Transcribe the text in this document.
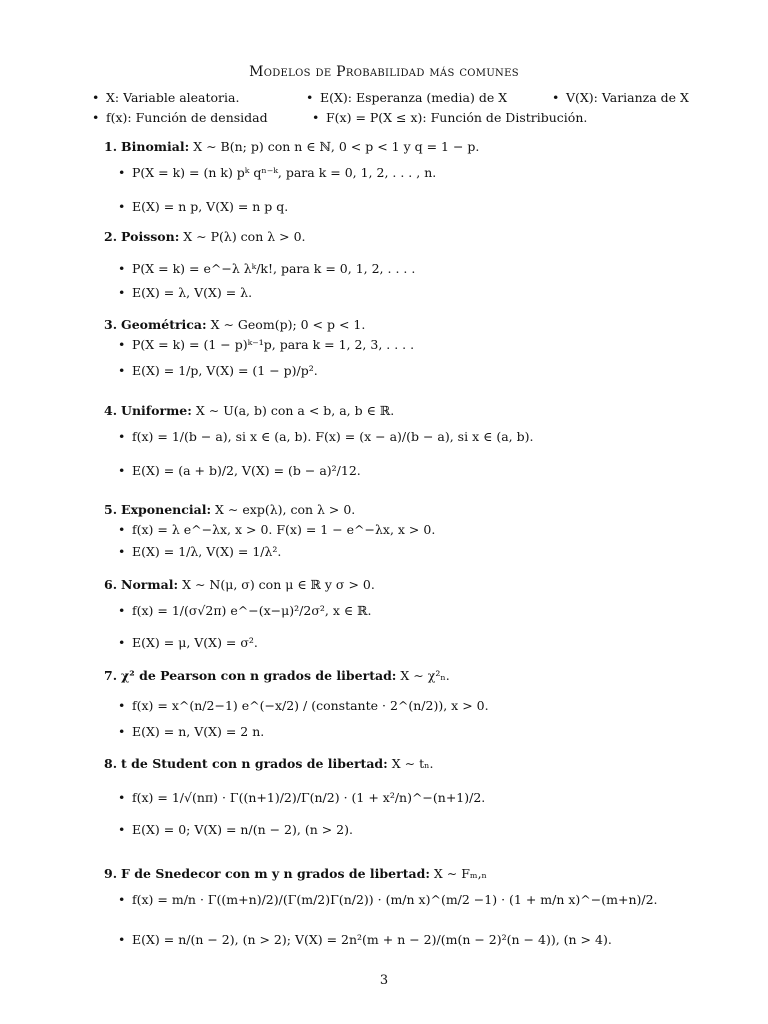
Modelos de Probabilidad más comunes
• X: Variable aleatoria.	• E(X): Esperanza (media) de X	• V(X): Varianza de X
• f(x): Función de densidad	• F(x) = P(X ≤ x): Función de Distribución.
1. Binomial: X ∼ B(n; p) con n ∈ ℕ, 0 < p < 1 y q = 1 − p.
• P(X = k) = (n k) pᵏ qⁿ⁻ᵏ, para k = 0, 1, 2, . . . , n.
• E(X) = n p, V(X) = n p q.
2. Poisson: X ∼ P(λ) con λ > 0.
• P(X = k) = e^−λ λᵏ/k!, para k = 0, 1, 2, . . . .
• E(X) = λ, V(X) = λ.
3. Geométrica: X ∼ Geom(p); 0 < p < 1.
• P(X = k) = (1 − p)ᵏ⁻¹p, para k = 1, 2, 3, . . . .
• E(X) = 1/p, V(X) = (1 − p)/p².
4. Uniforme: X ∼ U(a, b) con a < b, a, b ∈ ℝ.
• f(x) = 1/(b − a), si x ∈ (a, b). F(x) = (x − a)/(b − a), si x ∈ (a, b).
• E(X) = (a + b)/2, V(X) = (b − a)²/12.
5. Exponencial: X ∼ exp(λ), con λ > 0.
• f(x) = λ e^−λx, x > 0. F(x) = 1 − e^−λx, x > 0.
• E(X) = 1/λ, V(X) = 1/λ².
6. Normal: X ∼ N(μ, σ) con μ ∈ ℝ y σ > 0.
• f(x) = 1/(σ√2π) e^−(x−μ)²/2σ², x ∈ ℝ.
• E(X) = μ, V(X) = σ².
7. χ² de Pearson con n grados de libertad: X ∼ χ²ₙ.
• f(x) = x^(n/2−1) e^(−x/2) / (constante · 2^(n/2)), x > 0.
• E(X) = n, V(X) = 2 n.
8. t de Student con n grados de libertad: X ∼ tₙ.
• f(x) = 1/√(nπ) · Γ((n+1)/2)/Γ(n/2) · (1 + x²/n)^−(n+1)/2.
• E(X) = 0; V(X) = n/(n − 2), (n > 2).
9. F de Snedecor con m y n grados de libertad: X ∼ Fₘ,ₙ
• f(x) = m/n · Γ((m+n)/2)/(Γ(m/2)Γ(n/2)) · (m/n x)^(m/2 −1) · (1 + m/n x)^−(m+n)/2.
• E(X) = n/(n − 2), (n > 2); V(X) = 2n²(m + n − 2)/(m(n − 2)²(n − 4)), (n > 4).
3
